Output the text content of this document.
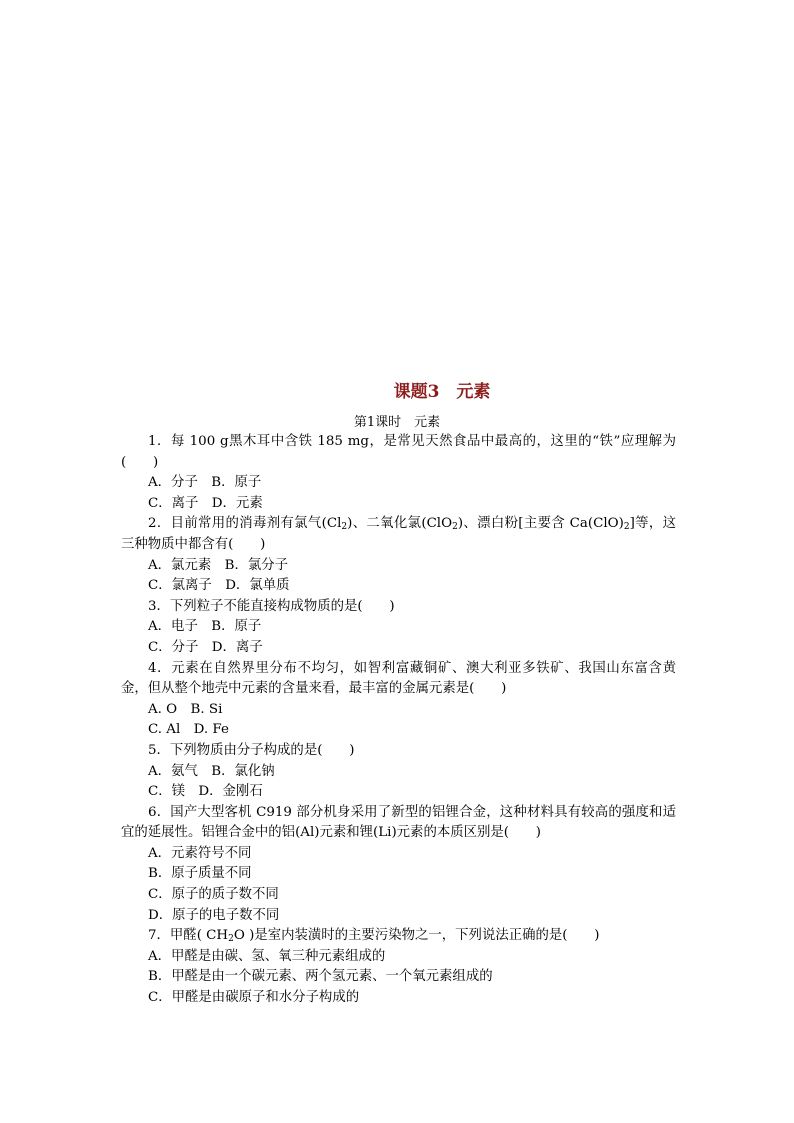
课题3　元素
第1课时　元素

1．每 100 g黑木耳中含铁 185 mg，是常见天然食品中最高的，这里的“铁”应理解为(　　)

A．分子　B．原子

C．离子　D．元素

2．目前常用的消毒剂有氯气$(Cl_2)$、二氧化氯(ClO$_2$)、漂白粉[主要含 $Ca(ClO)_2$]等，这三种物质中都含有(　　)

A．氯元素　B．氯分子

C．氯离子　D．氯单质

3．下列粒子不能直接构成物质的是(　　)

A．电子　B．原子

C．分子　D．离子

4．元素在自然界里分布不均匀，如智利富藏铜矿、澳大利亚多铁矿、我国山东富含黄金，但从整个地壳中元素的含量来看，最丰富的金属元素是(　　)

A. O　B. Si

C. Al　D. Fe

5．下列物质由分子构成的是(　　)

A．氨气　B．氯化钠

C．镁　D．金刚石

6．国产大型客机 C919 部分机身采用了新型的铝锂合金，这种材料具有较高的强度和适宜的延展性。铝锂合金中的铝(Al)元素和锂(Li)元素的本质区别是(　　)

A．元素符号不同

B．原子质量不同

C．原子的质子数不同

D．原子的电子数不同

7．甲醛( $CH_2O$ )是室内装潢时的主要污染物之一，下列说法正确的是(　　)

A．甲醛是由碳、氢、氧三种元素组成的

B．甲醛是由一个碳元素、两个氢元素、一个氧元素组成的

C．甲醛是由碳原子和水分子构成的
